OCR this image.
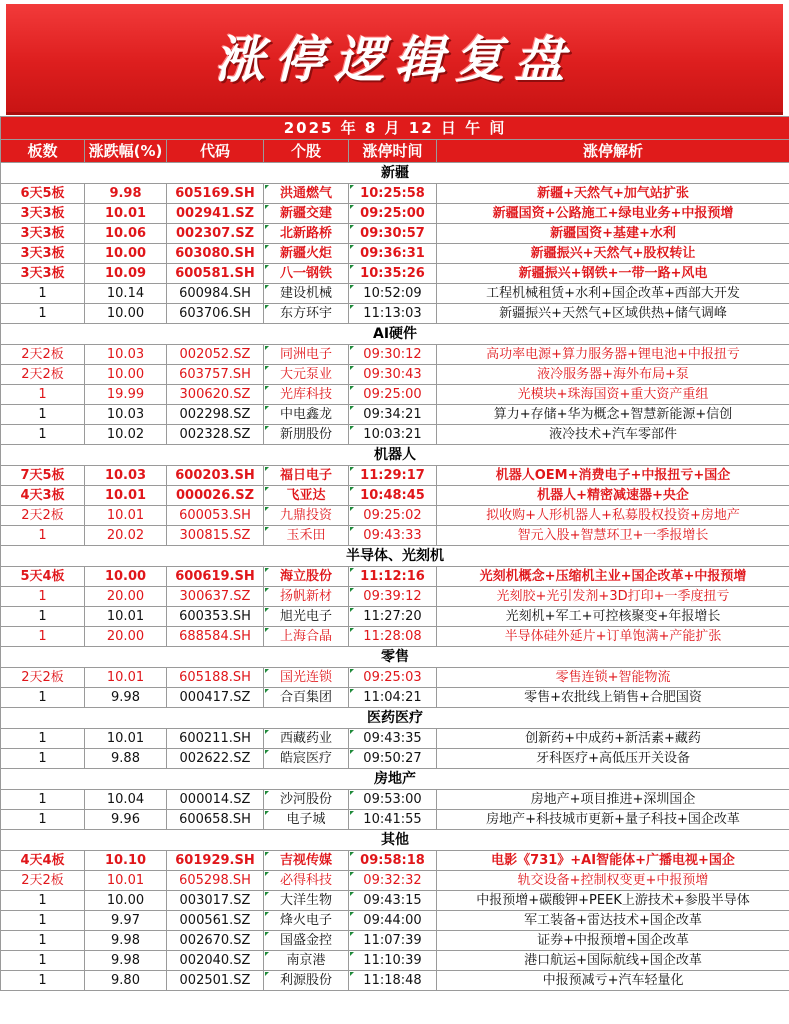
涨停逻辑复盘
2025 年 8 月 12 日 午 间					
板数	涨跌幅(%)	代码	个股	涨停时间	涨停解析
新疆					
6天5板	9.98	605169.SH	洪通燃气	10:25:58	新疆+天然气+加气站扩张
3天3板	10.01	002941.SZ	新疆交建	09:25:00	新疆国资+公路施工+绿电业务+中报预增
3天3板	10.06	002307.SZ	北新路桥	09:30:57	新疆国资+基建+水利
3天3板	10.00	603080.SH	新疆火炬	09:36:31	新疆振兴+天然气+股权转让
3天3板	10.09	600581.SH	八一钢铁	10:35:26	新疆振兴+钢铁+一带一路+风电
1	10.14	600984.SH	建设机械	10:52:09	工程机械租赁+水利+国企改革+西部大开发
1	10.00	603706.SH	东方环宇	11:13:03	新疆振兴+天然气+区域供热+储气调峰
AI硬件					
2天2板	10.03	002052.SZ	同洲电子	09:30:12	高功率电源+算力服务器+锂电池+中报扭亏
2天2板	10.00	603757.SH	大元泵业	09:30:43	液冷服务器+海外布局+泵
1	19.99	300620.SZ	光库科技	09:25:00	光模块+珠海国资+重大资产重组
1	10.03	002298.SZ	中电鑫龙	09:34:21	算力+存储+华为概念+智慧新能源+信创
1	10.02	002328.SZ	新朋股份	10:03:21	液冷技术+汽车零部件
机器人					
7天5板	10.03	600203.SH	福日电子	11:29:17	机器人OEM+消费电子+中报扭亏+国企
4天3板	10.01	000026.SZ	飞亚达	10:48:45	机器人+精密减速器+央企
2天2板	10.01	600053.SH	九鼎投资	09:25:02	拟收购+人形机器人+私募股权投资+房地产
1	20.02	300815.SZ	玉禾田	09:43:33	智元入股+智慧环卫+一季报增长
半导体、光刻机					
5天4板	10.00	600619.SH	海立股份	11:12:16	光刻机概念+压缩机主业+国企改革+中报预增
1	20.00	300637.SZ	扬帆新材	09:39:12	光刻胶+光引发剂+3D打印+一季度扭亏
1	10.01	600353.SH	旭光电子	11:27:20	光刻机+军工+可控核聚变+年报增长
1	20.00	688584.SH	上海合晶	11:28:08	半导体硅外延片+订单饱满+产能扩张
零售					
2天2板	10.01	605188.SH	国光连锁	09:25:03	零售连锁+智能物流
1	9.98	000417.SZ	合百集团	11:04:21	零售+农批线上销售+合肥国资
医药医疗					
1	10.01	600211.SH	西藏药业	09:43:35	创新药+中成药+新活素+藏药
1	9.88	002622.SZ	皓宸医疗	09:50:27	牙科医疗+高低压开关设备
房地产					
1	10.04	000014.SZ	沙河股份	09:53:00	房地产+项目推进+深圳国企
1	9.96	600658.SH	电子城	10:41:55	房地产+科技城市更新+量子科技+国企改革
其他					
4天4板	10.10	601929.SH	吉视传媒	09:58:18	电影《731》+AI智能体+广播电视+国企
2天2板	10.01	605298.SH	必得科技	09:32:32	轨交设备+控制权变更+中报预增
1	10.00	003017.SZ	大洋生物	09:43:15	中报预增+碳酸钾+PEEK上游技术+参股半导体
1	9.97	000561.SZ	烽火电子	09:44:00	军工装备+雷达技术+国企改革
1	9.98	002670.SZ	国盛金控	11:07:39	证券+中报预增+国企改革
1	9.98	002040.SZ	南京港	11:10:39	港口航运+国际航线+国企改革
1	9.80	002501.SZ	利源股份	11:18:48	中报预减亏+汽车轻量化
